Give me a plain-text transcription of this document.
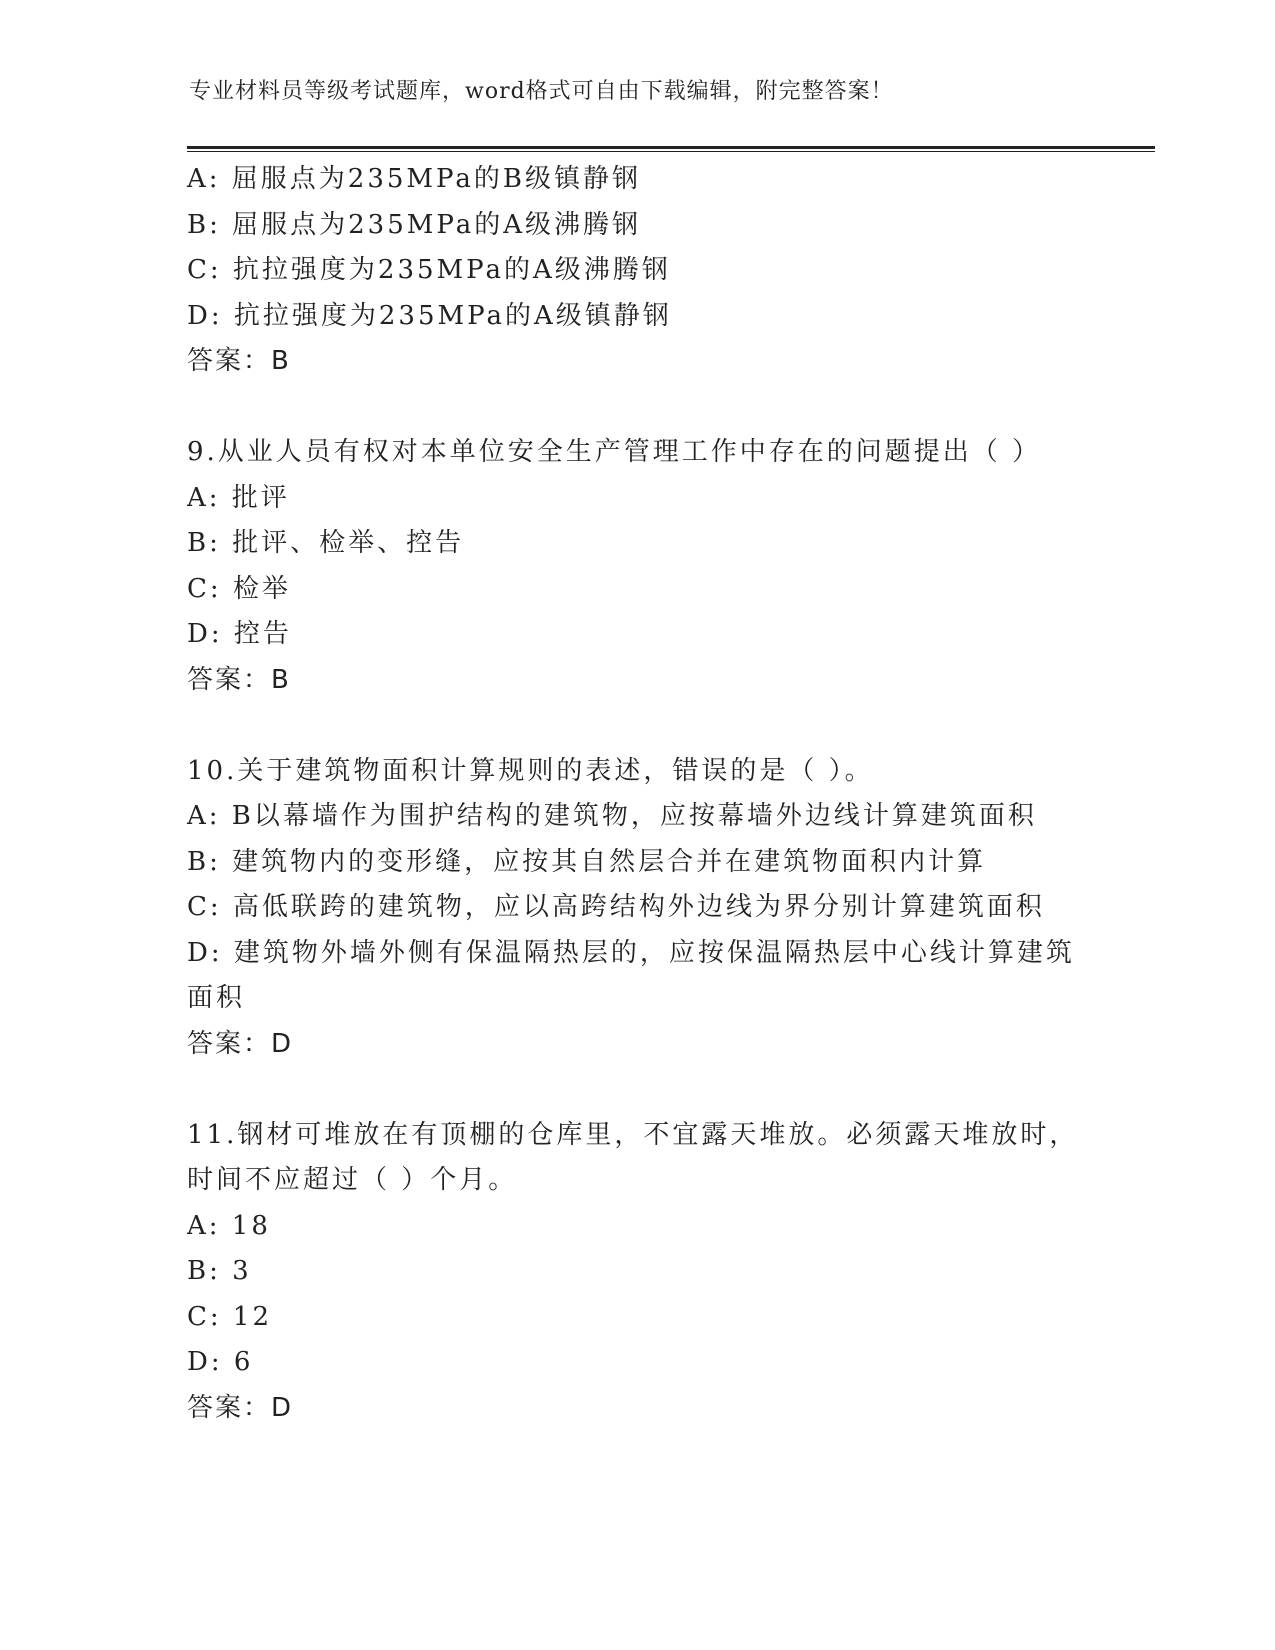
专业材料员等级考试题库，word格式可自由下载编辑，附完整答案！
A: 屈服点为235MPa的B级镇静钢
B: 屈服点为235MPa的A级沸腾钢
C: 抗拉强度为235MPa的A级沸腾钢
D: 抗拉强度为235MPa的A级镇静钢
答案：B
9.从业人员有权对本单位安全生产管理工作中存在的问题提出（ ）
A: 批评
B: 批评、检举、控告
C: 检举
D: 控告
答案：B
10.关于建筑物面积计算规则的表述，错误的是（ ）。
A: B以幕墙作为围护结构的建筑物，应按幕墙外边线计算建筑面积
B: 建筑物内的变形缝，应按其自然层合并在建筑物面积内计算
C: 高低联跨的建筑物，应以高跨结构外边线为界分别计算建筑面积
D: 建筑物外墙外侧有保温隔热层的，应按保温隔热层中心线计算建筑
面积
答案：D
11.钢材可堆放在有顶棚的仓库里，不宜露天堆放。必须露天堆放时，
时间不应超过（ ）个月。
A: 18
B: 3
C: 12
D: 6
答案：D
